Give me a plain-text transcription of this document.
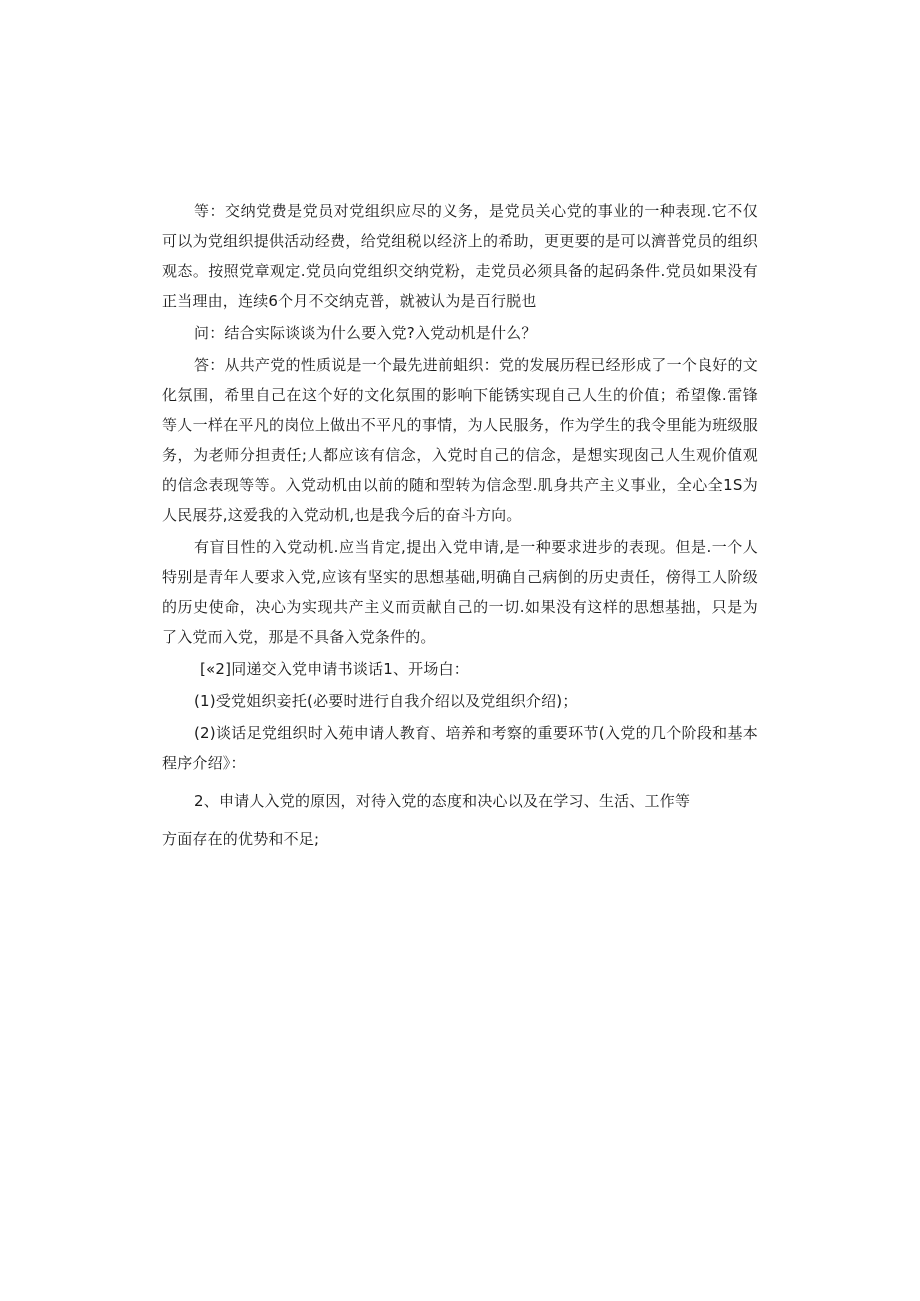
等：交纳党费是党员对党组织应尽的义务，是党员关心党的事业的一种表现.它不仅可以为党组织提供活动经费，给党组税以经济上的希助，更更要的是可以濟普党员的组织观态。按照党章观定.党员向党组织交纳党粉，走党员必须具备的起码条件.党员如果没有正当理由，连续6个月不交纳克普，就被认为是百行脱也

问：结合实际谈谈为什么要入党?入党动机是什么？

答：从共产党的性质说是一个最先进前蛆织：党的发展历程已经形成了一个良好的文化氛围，希里自己在这个好的文化氛围的影响下能锈实现自己人生的价值；希望像.雷锋等人一样在平凡的岗位上做出不平凡的事情，为人民服务，作为学生的我令里能为班级服务，为老师分担责任;人都应该有信念，入党时自己的信念，是想实现囱己人生观价值观的信念表现等等。入党动机由以前的随和型转为信念型.肌身共产主义事业，全心全1S为人民展芬,这爱我的入党动机,也是我今后的奋斗方向。

有盲目性的入党动机.应当肯定,提出入党申请,是一种要求进步的表现。但是.一个人特别是青年人要求入党,应该有坚实的思想基础,明确自己病倒的历史责任，傍得工人阶级的历史使命，决心为实现共产主义而贡献自己的一切.如果没有这样的思想基拙，只是为了入党而入党，那是不具备入党条件的。

[«2]同递交入党申请书谈话1、开场白：

(1)受党姐织妾托(必要时进行自我介绍以及党组织介绍)；

(2)谈话足党组织时入苑申请人教育、培养和考察的重要环节(入党的几个阶段和基本程序介绍》：

2、申请人入党的原因，对待入党的态度和决心以及在学习、生活、工作等

方面存在的优势和不足;
